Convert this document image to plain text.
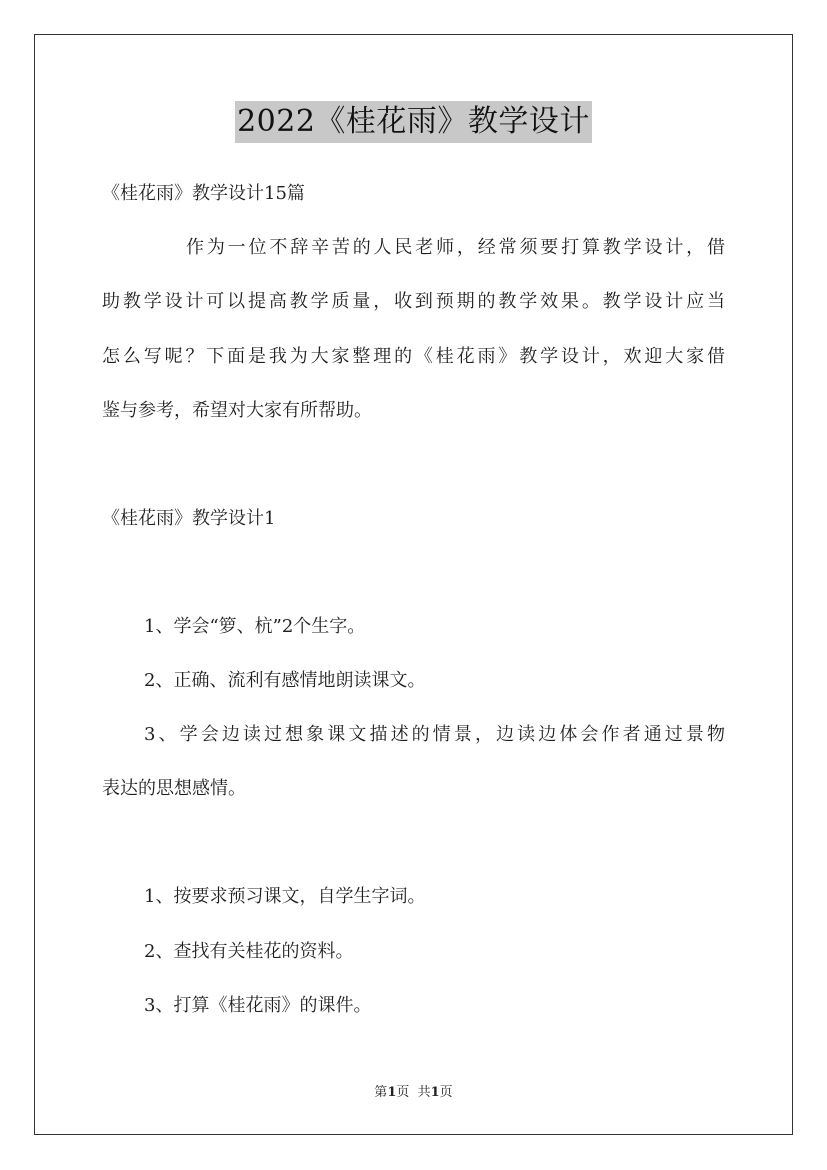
2022《桂花雨》教学设计
《桂花雨》教学设计15篇
作为一位不辞辛苦的人民老师，经常须要打算教学设计，借
助教学设计可以提高教学质量，收到预期的教学效果。教学设计应当
怎么写呢？下面是我为大家整理的《桂花雨》教学设计，欢迎大家借
鉴与参考，希望对大家有所帮助。
《桂花雨》教学设计1
1、学会“箩、杭”2个生字。
2、正确、流利有感情地朗读课文。
3、学会边读过想象课文描述的情景，边读边体会作者通过景物
表达的思想感情。
1、按要求预习课文，自学生字词。
2、查找有关桂花的资料。
3、打算《桂花雨》的课件。
第1页  共1页
